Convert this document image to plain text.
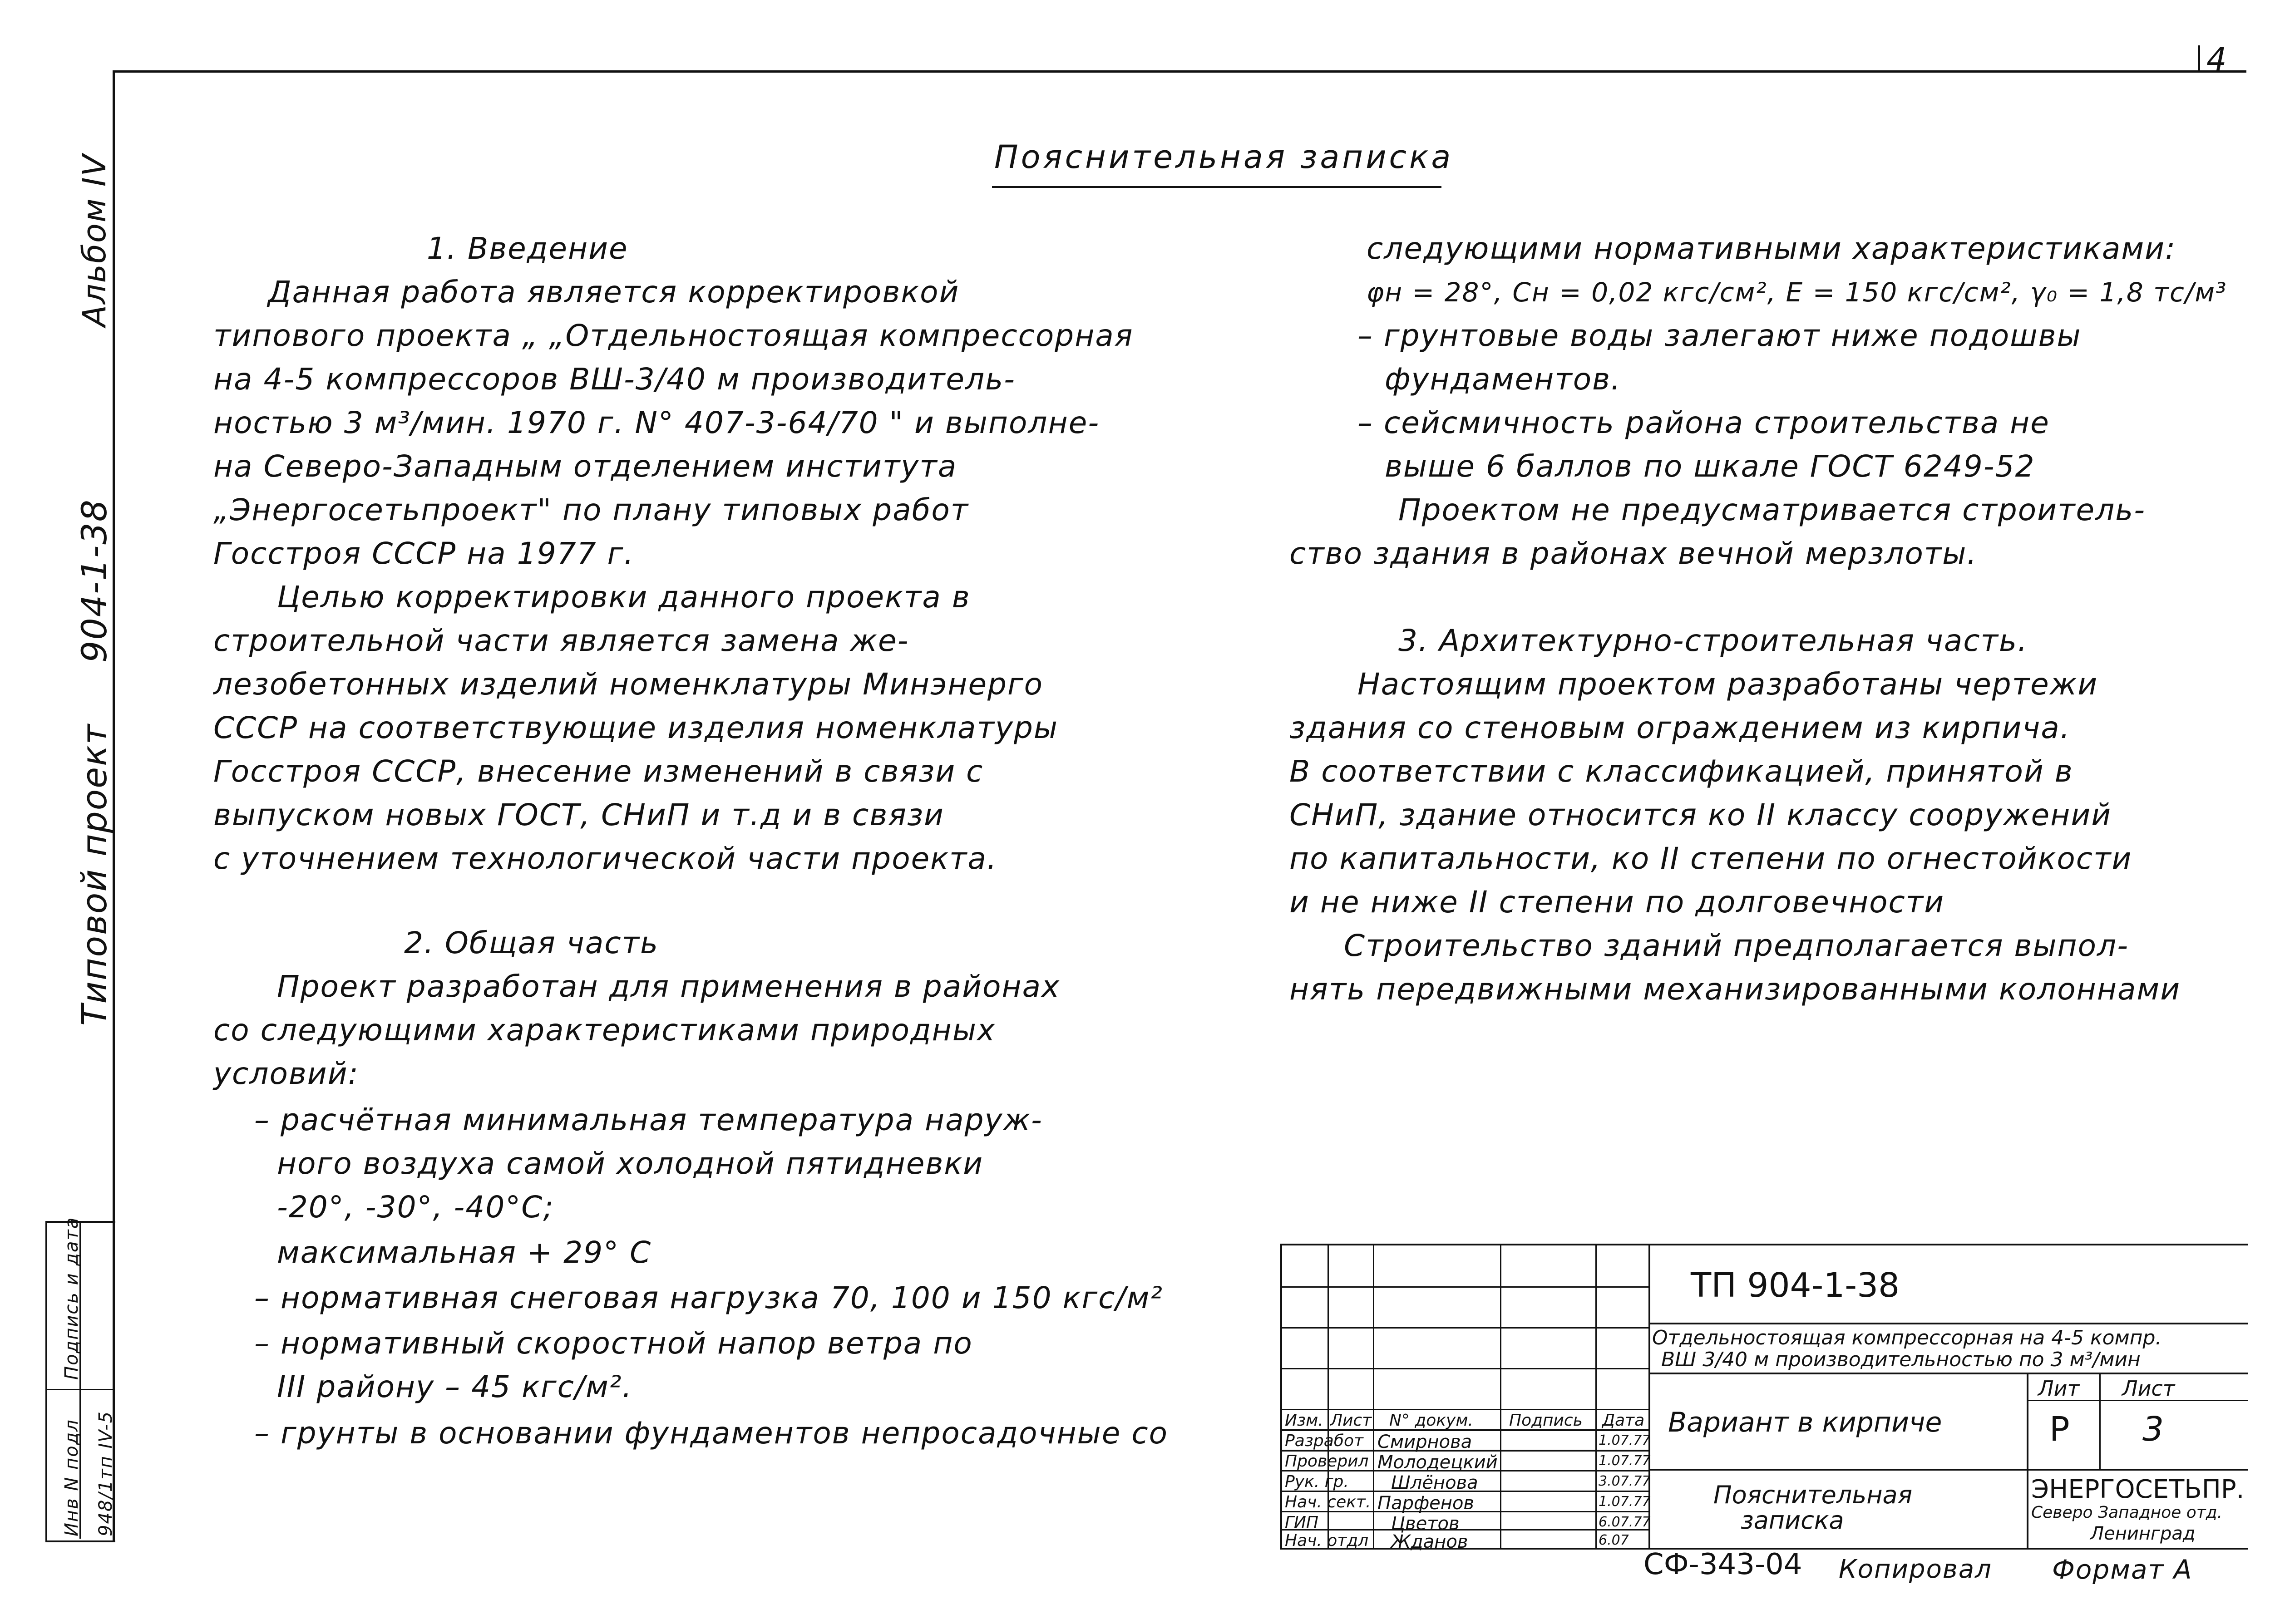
4
Альбом IV
904-1-38
Типовой проект
Подпись и дата
Инв N подл 948/1тп IV-5
Пояснительная записка
1. Введение
Данная работа является корректировкой
типового проекта „ „Отдельностоящая компрессорная
на 4-5 компрессоров ВШ-3/40 м производитель-
ностью 3 м³/мин. 1970 г. N° 407-3-64/70 " и выполне-
на Северо-Западным отделением института
„Энергосетьпроект" по плану типовых работ
Госстроя СССР на 1977 г.
Целью корректировки данного проекта в
строительной части является замена же-
лезобетонных изделий номенклатуры Минэнерго
СССР на соответствующие изделия номенклатуры
Госстроя СССР, внесение изменений в связи с
выпуском новых ГОСТ, СНиП и т.д и в связи
с уточнением технологической части проекта.
2. Общая часть
Проект разработан для применения в районах
со следующими характеристиками природных
условий:
– расчётная минимальная температура наруж-
ного воздуха самой холодной пятидневки
-20°, -30°, -40°C;
максимальная + 29° С
– нормативная снеговая нагрузка 70, 100 и 150 кгс/м²
– нормативный скоростной напор ветра по
III району – 45 кгс/м².
– грунты в основании фундаментов непросадочные со
следующими нормативными характеристиками:
φн = 28°, Cн = 0,02 кгс/см², E = 150 кгс/см², γ₀ = 1,8 тс/м³
– грунтовые воды залегают ниже подошвы
фундаментов.
– сейсмичность района строительства не
выше 6 баллов по шкале ГОСТ 6249-52
Проектом не предусматривается строитель-
ство здания в районах вечной мерзлоты.
3. Архитектурно-строительная часть.
Настоящим проектом разработаны чертежи
здания со стеновым ограждением из кирпича.
В соответствии с классификацией, принятой в
СНиП, здание относится ко II классу сооружений
по капитальности, ко II степени по огнестойкости
и не ниже II степени по долговечности
Строительство зданий предполагается выпол-
нять передвижными механизированными колоннами
ТП 904-1-38
Отдельностоящая компрессорная на 4-5 компр.
ВШ 3/40 м производительностью по 3 м³/мин
Изм. Лист N° докум. Подпись Дата
Разработ
Проверил
Рук. гр.
Нач. сект.
ГИП
Нач. отдл
Смирнова
Молодецкий
Шлёнова
Парфенов
Цветов
Жданов
1.07.77
1.07.77
3.07.77
1.07.77
6.07.77
6.07
Вариант в кирпиче
Лит Лист
Р 3
Пояснительная
записка
ЭНЕРГОСЕТЬПР.
Северо Западное отд.
Ленинград
СФ-343-04 Копировал Формат А
